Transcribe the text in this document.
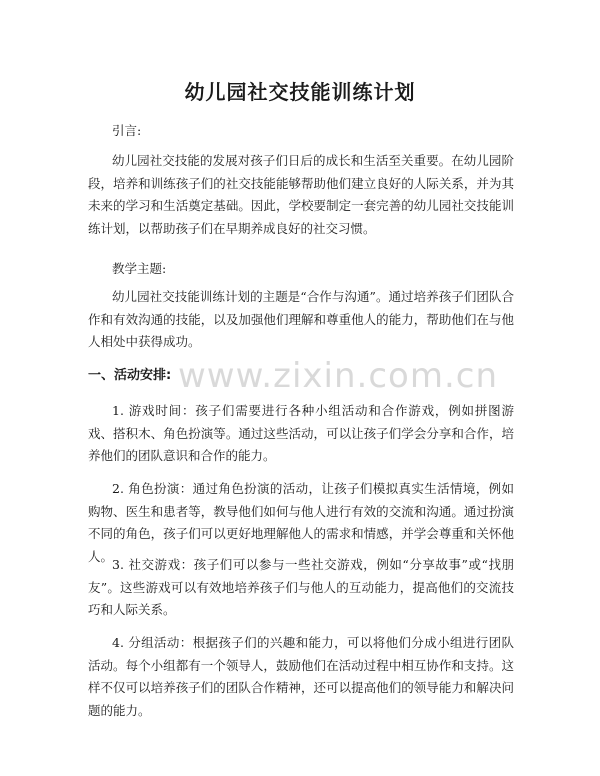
幼儿园社交技能训练计划

引言:

幼儿园社交技能的发展对孩子们日后的成长和生活至关重要。在幼儿园阶段，培养和训练孩子们的社交技能能够帮助他们建立良好的人际关系，并为其未来的学习和生活奠定基础。因此，学校要制定一套完善的幼儿园社交技能训练计划，以帮助孩子们在早期养成良好的社交习惯。

教学主题:

幼儿园社交技能训练计划的主题是“合作与沟通”。通过培养孩子们团队合作和有效沟通的技能，以及加强他们理解和尊重他人的能力，帮助他们在与他人相处中获得成功。

一、活动安排: www.zixin.com.cn

1. 游戏时间：孩子们需要进行各种小组活动和合作游戏，例如拼图游戏、搭积木、角色扮演等。通过这些活动，可以让孩子们学会分享和合作，培养他们的团队意识和合作的能力。

2. 角色扮演：通过角色扮演的活动，让孩子们模拟真实生活情境，例如购物、医生和患者等，教导他们如何与他人进行有效的交流和沟通。通过扮演不同的角色，孩子们可以更好地理解他人的需求和情感，并学会尊重和关怀他人。

3. 社交游戏：孩子们可以参与一些社交游戏，例如“分享故事”或“找朋友”。这些游戏可以有效地培养孩子们与他人的互动能力，提高他们的交流技巧和人际关系。

4. 分组活动：根据孩子们的兴趣和能力，可以将他们分成小组进行团队活动。每个小组都有一个领导人，鼓励他们在活动过程中相互协作和支持。这样不仅可以培养孩子们的团队合作精神，还可以提高他们的领导能力和解决问题的能力。
